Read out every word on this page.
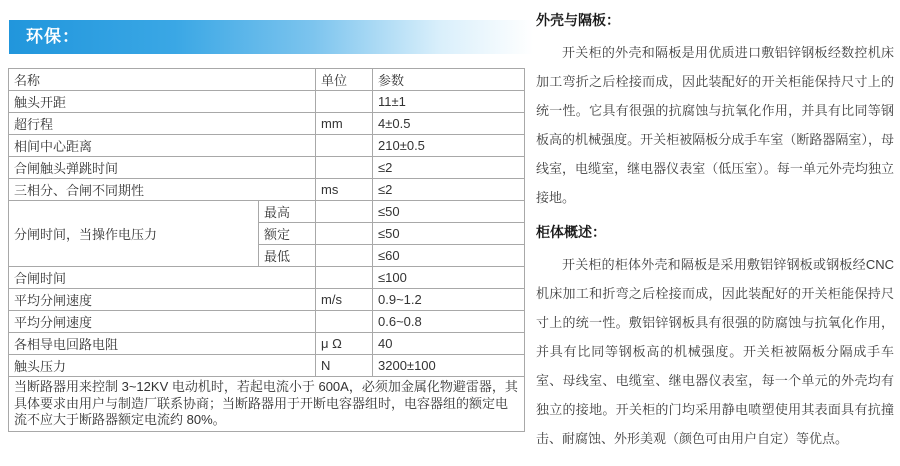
环保：
名称		单位	参数
触头开距			11±1
超行程		mm	4±0.5
相间中心距离			210±0.5
合闸触头弹跳时间			≤2
三相分、合闸不同期性		ms	≤2
分闸时间，当操作电压力	最高		≤50
	额定		≤50
	最低		≤60
合闸时间			≤100
平均分闸速度		m/s	0.9~1.2
平均分闸速度			0.6~0.8
各相导电回路电阻		μ Ω	40
触头压力		N	3200±100
当断路器用来控制 3~12KV 电动机时，若起电流小于 600A，必须加金属化物避雷器，其具体要求由用户与制造厂联系协商；当断路器用于开断电容器组时，电容器组的额定电流不应大于断路器额定电流约 80%。			
外壳与隔板：

开关柜的外壳和隔板是用优质进口敷铝锌钢板经数控机床加工弯折之后栓接而成，因此装配好的开关柜能保持尺寸上的统一性。它具有很强的抗腐蚀与抗氧化作用，并具有比同等钢板高的机械强度。开关柜被隔板分成手车室（断路器隔室），母线室，电缆室，继电器仪表室（低压室）。每一单元外壳均独立接地。

柜体概述：

开关柜的柜体外壳和隔板是采用敷铝锌钢板或钢板经CNC机床加工和折弯之后栓接而成，因此装配好的开关柜能保持尺寸上的统一性。敷铝锌钢板具有很强的防腐蚀与抗氧化作用，并具有比同等钢板高的机械强度。开关柜被隔板分隔成手车室、母线室、电缆室、继电器仪表室，每一个单元的外壳均有独立的接地。开关柜的门均采用静电喷塑使用其表面具有抗撞击、耐腐蚀、外形美观（颜色可由用户自定）等优点。
